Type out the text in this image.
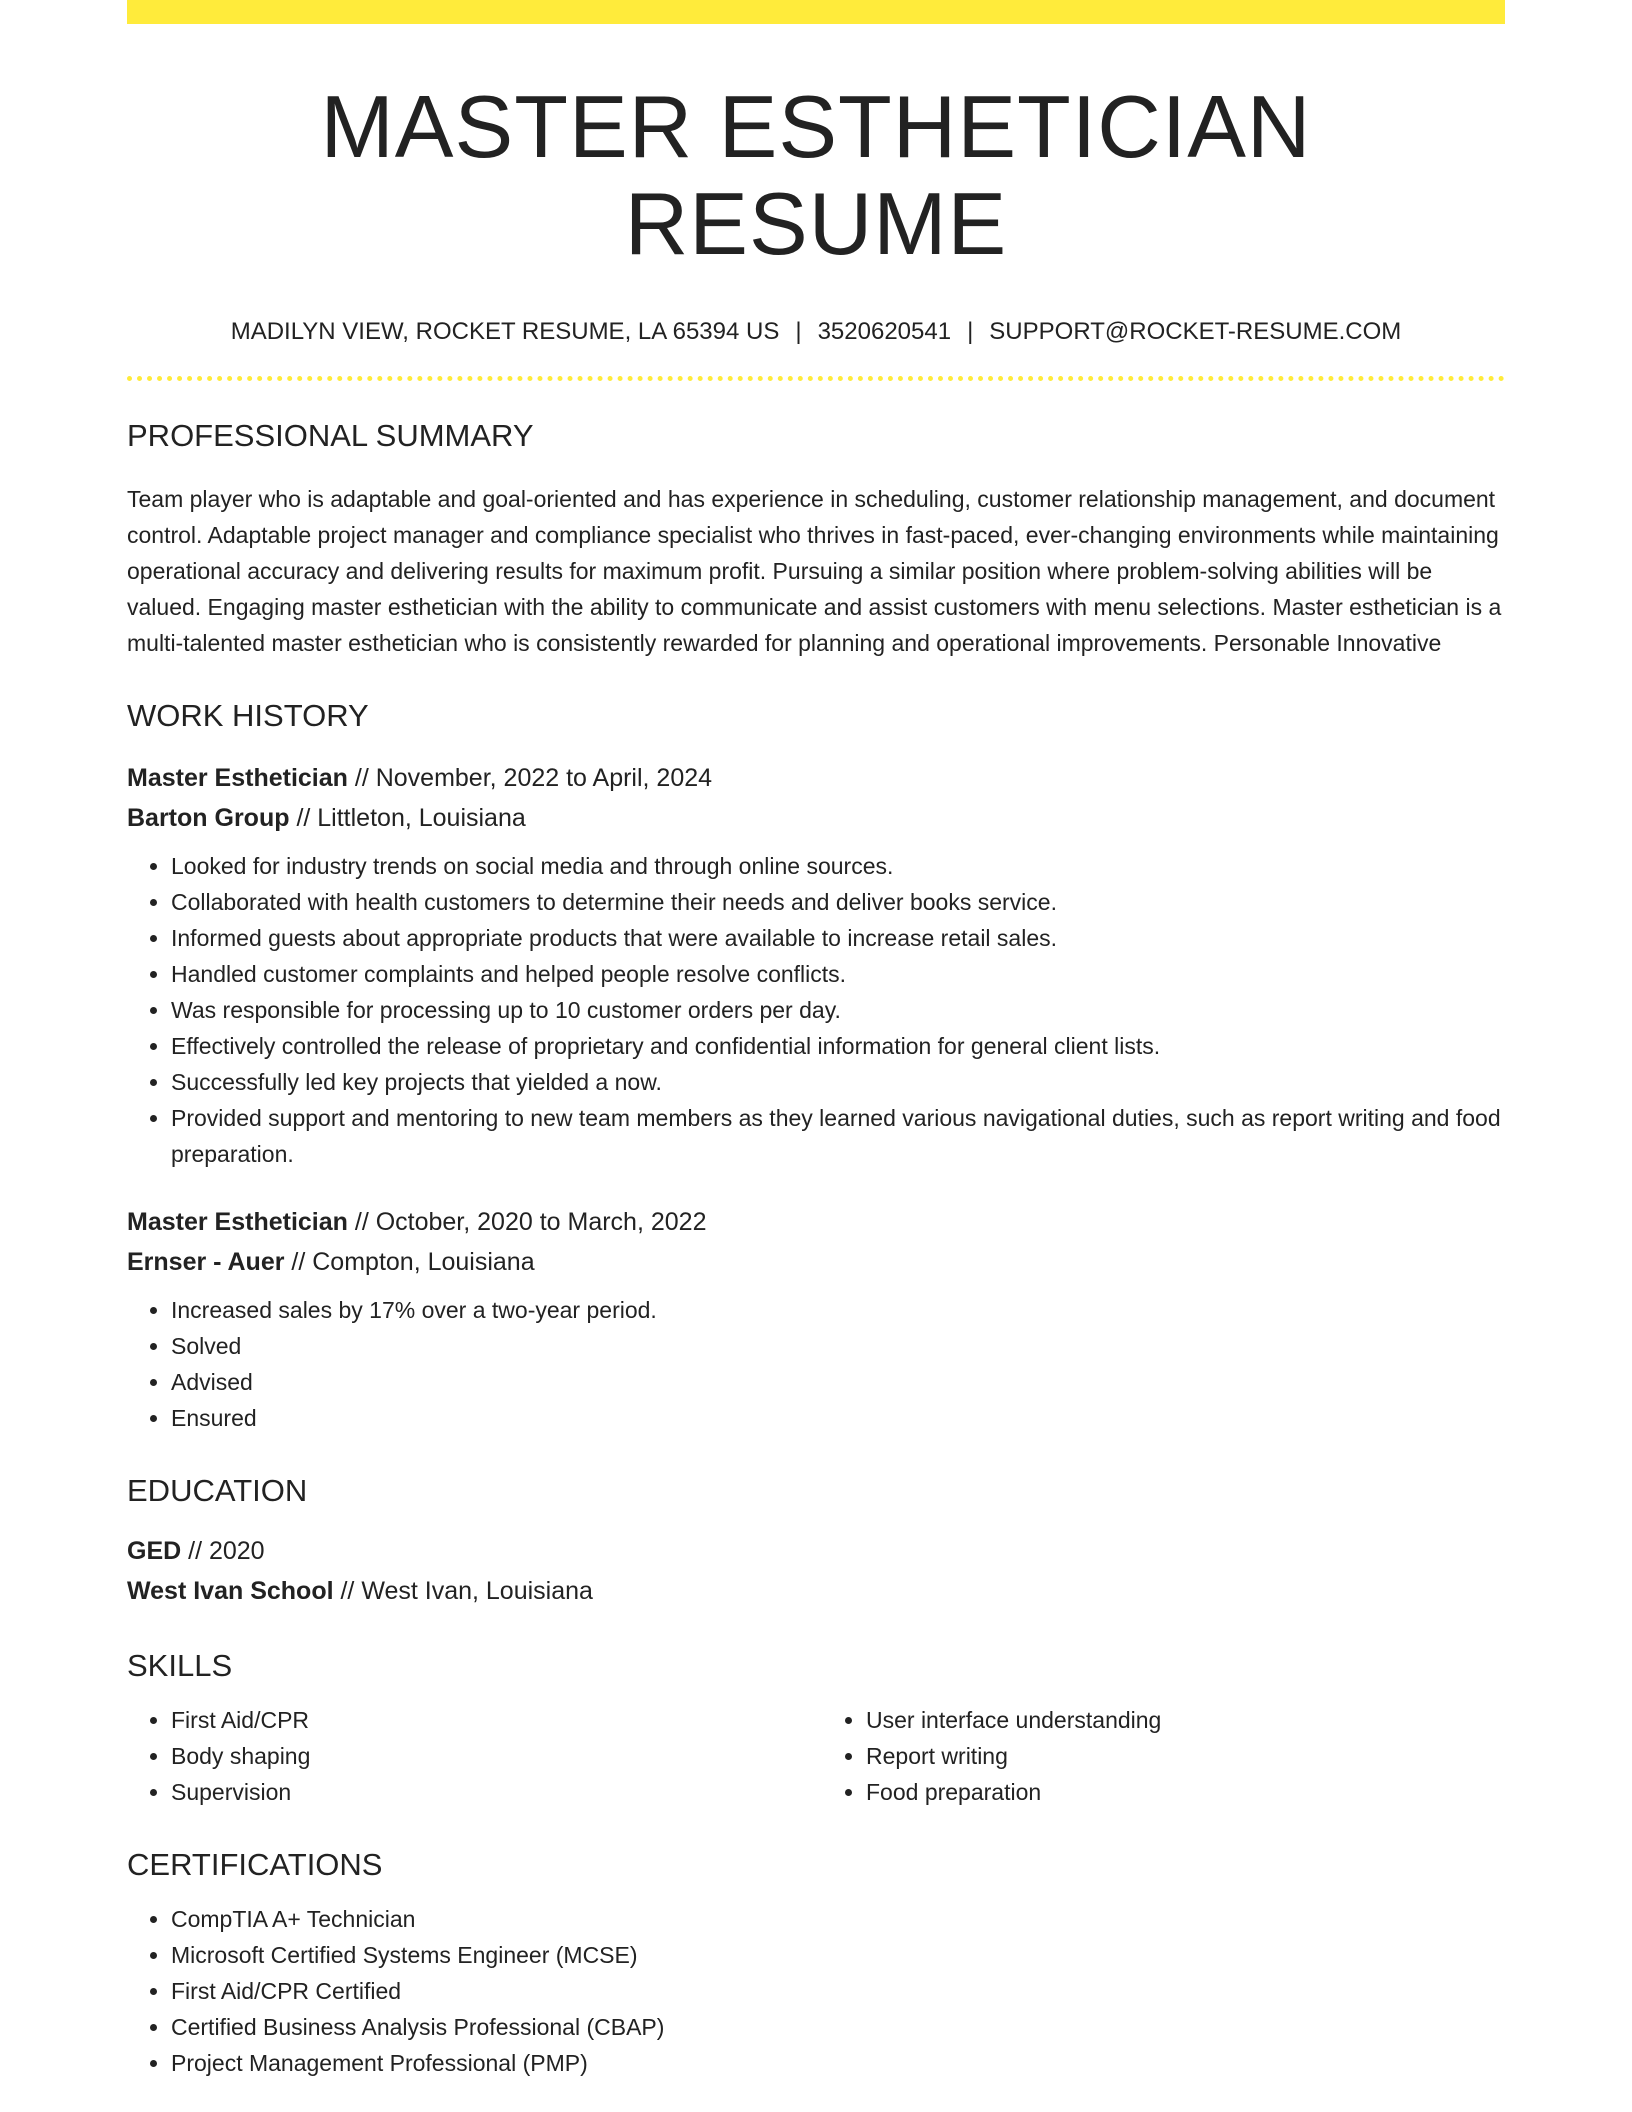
MASTER ESTHETICIAN RESUME
MADILYN VIEW, ROCKET RESUME, LA 65394 US | 3520620541 | SUPPORT@ROCKET-RESUME.COM
PROFESSIONAL SUMMARY

Team player who is adaptable and goal-oriented and has experience in scheduling, customer relationship management, and document control. Adaptable project manager and compliance specialist who thrives in fast-paced, ever-changing environments while maintaining operational accuracy and delivering results for maximum profit. Pursuing a similar position where problem-solving abilities will be valued. Engaging master esthetician with the ability to communicate and assist customers with menu selections. Master esthetician is a multi-talented master esthetician who is consistently rewarded for planning and operational improvements. Personable Innovative

WORK HISTORY
Master Esthetician // November, 2022 to April, 2024
Barton Group // Littleton, Louisiana
• Looked for industry trends on social media and through online sources.
• Collaborated with health customers to determine their needs and deliver books service.
• Informed guests about appropriate products that were available to increase retail sales.
• Handled customer complaints and helped people resolve conflicts.
• Was responsible for processing up to 10 customer orders per day.
• Effectively controlled the release of proprietary and confidential information for general client lists.
• Successfully led key projects that yielded a now.
• Provided support and mentoring to new team members as they learned various navigational duties, such as report writing and food preparation.
Master Esthetician // October, 2020 to March, 2022
Ernser - Auer // Compton, Louisiana
• Increased sales by 17% over a two-year period.
• Solved
• Advised
• Ensured
EDUCATION
GED // 2020
West Ivan School // West Ivan, Louisiana
SKILLS
• First Aid/CPR
• Body shaping
• Supervision
• User interface understanding
• Report writing
• Food preparation
CERTIFICATIONS
• CompTIA A+ Technician
• Microsoft Certified Systems Engineer (MCSE)
• First Aid/CPR Certified
• Certified Business Analysis Professional (CBAP)
• Project Management Professional (PMP)
